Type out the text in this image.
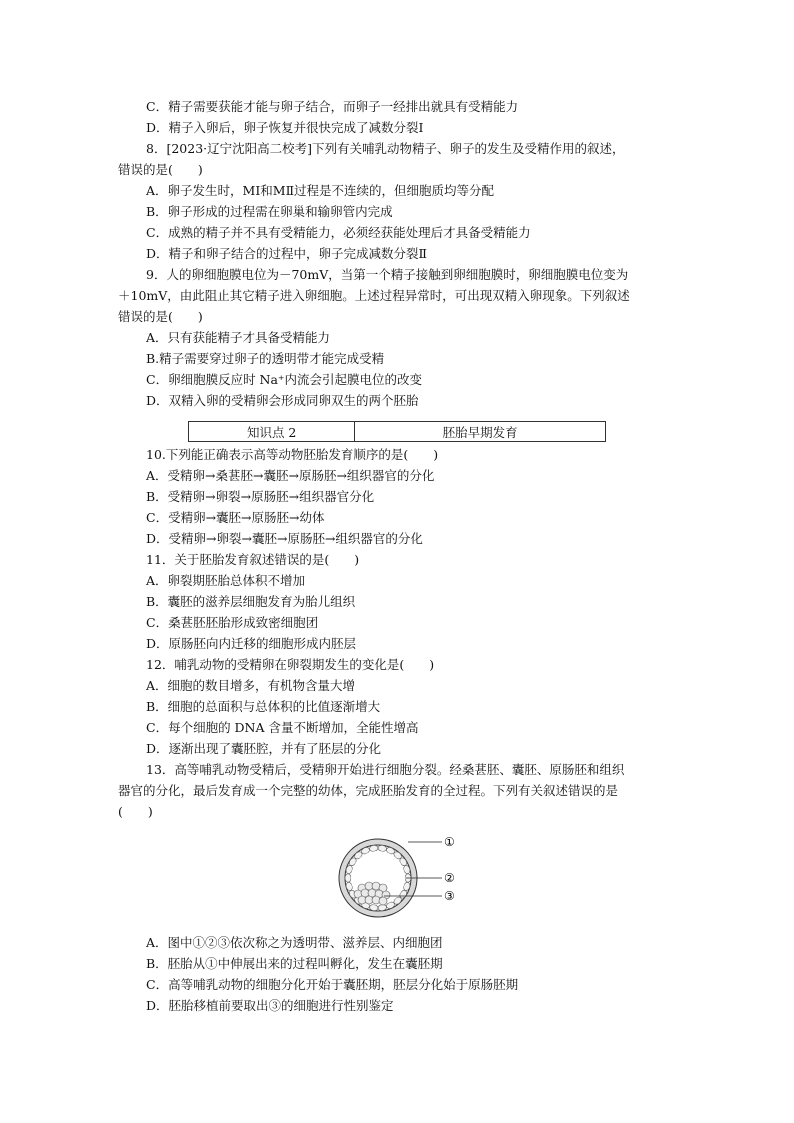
C．精子需要获能才能与卵子结合，而卵子一经排出就具有受精能力
D．精子入卵后，卵子恢复并很快完成了减数分裂Ⅰ
8．[2023·辽宁沈阳高二校考]下列有关哺乳动物精子、卵子的发生及受精作用的叙述，
错误的是(　　)
A．卵子发生时，MⅠ和MⅡ过程是不连续的，但细胞质均等分配
B．卵子形成的过程需在卵巢和输卵管内完成
C．成熟的精子并不具有受精能力，必须经获能处理后才具备受精能力
D．精子和卵子结合的过程中，卵子完成减数分裂Ⅱ
9．人的卵细胞膜电位为－70mV，当第一个精子接触到卵细胞膜时，卵细胞膜电位变为
＋10mV，由此阻止其它精子进入卵细胞。上述过程异常时，可出现双精入卵现象。下列叙述
错误的是(　　)
A．只有获能精子才具备受精能力
B.精子需要穿过卵子的透明带才能完成受精
C．卵细胞膜反应时 Na⁺内流会引起膜电位的改变
D．双精入卵的受精卵会形成同卵双生的两个胚胎
知识点 2	胚胎早期发育
10.下列能正确表示高等动物胚胎发育顺序的是(　　)
A．受精卵→桑葚胚→囊胚→原肠胚→组织器官的分化
B．受精卵→卵裂→原肠胚→组织器官分化
C．受精卵→囊胚→原肠胚→幼体
D．受精卵→卵裂→囊胚→原肠胚→组织器官的分化
11．关于胚胎发育叙述错误的是(　　)
A．卵裂期胚胎总体积不增加
B．囊胚的滋养层细胞发育为胎儿组织
C．桑葚胚胚胎形成致密细胞团
D．原肠胚向内迁移的细胞形成内胚层
12．哺乳动物的受精卵在卵裂期发生的变化是(　　)
A．细胞的数目增多，有机物含量大增
B．细胞的总面积与总体积的比值逐渐增大
C．每个细胞的 DNA 含量不断增加，全能性增高
D．逐渐出现了囊胚腔，并有了胚层的分化
13．高等哺乳动物受精后，受精卵开始进行细胞分裂。经桑葚胚、囊胚、原肠胚和组织
器官的分化，最后发育成一个完整的幼体，完成胚胎发育的全过程。下列有关叙述错误的是
(　　)
①
②
③
A．图中①②③依次称之为透明带、滋养层、内细胞团
B．胚胎从①中伸展出来的过程叫孵化，发生在囊胚期
C．高等哺乳动物的细胞分化开始于囊胚期，胚层分化始于原肠胚期
D．胚胎移植前要取出③的细胞进行性别鉴定
